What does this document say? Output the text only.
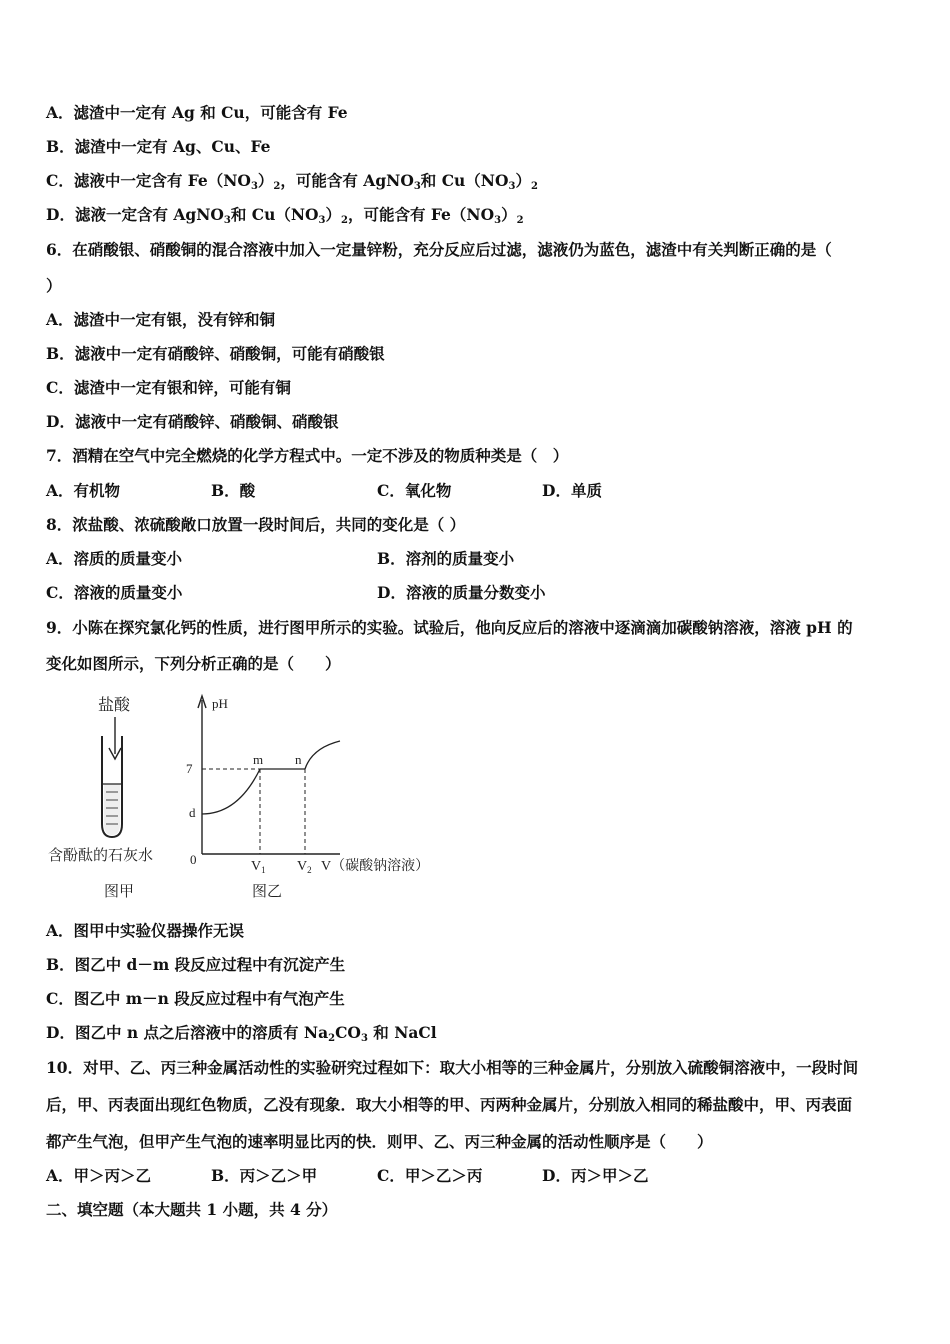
A．滤渣中一定有 Ag 和 Cu，可能含有 Fe
B．滤渣中一定有 Ag、Cu、Fe
C．滤液中一定含有 $Fe(NO_3)_2$，可能含有 AgNO$_3$和 $Cu(NO_3)_2$
D．滤液一定含有 AgNO$_3$和 $Cu(NO_3)_2$，可能含有 $Fe(NO_3)_2$
6．在硝酸银、硝酸铜的混合溶液中加入一定量锌粉，充分反应后过滤，滤液仍为蓝色，滤渣中有关判断正确的是（
）
A．滤渣中一定有银，没有锌和铜
B．滤液中一定有硝酸锌、硝酸铜，可能有硝酸银
C．滤渣中一定有银和锌，可能有铜
D．滤液中一定有硝酸锌、硝酸铜、硝酸银
7．酒精在空气中完全燃烧的化学方程式中。一定不涉及的物质种类是（　）
A．有机物	B．酸	C．氧化物	D．单质
8．浓盐酸、浓硫酸敞口放置一段时间后，共同的变化是（ ）
A．溶质的质量变小	B．溶剂的质量变小
C．溶液的质量变小	D．溶液的质量分数变小
9．小陈在探究氯化钙的性质，进行图甲所示的实验。试验后，他向反应后的溶液中逐滴滴加碳酸钠溶液，溶液 pH 的
变化如图所示，下列分析正确的是（　　）
盐酸
含酚酞的石灰水
图甲
pH
7
d
m n
0	$V_1$ $V_2$ V（碳酸钠溶液）
图乙
A．图甲中实验仪器操作无误
B．图乙中 d－m 段反应过程中有沉淀产生
C．图乙中 m－n 段反应过程中有气泡产生
D．图乙中 n 点之后溶液中的溶质有 $Na_2CO_3$ 和 NaCl
10．对甲、乙、丙三种金属活动性的实验研究过程如下：取大小相等的三种金属片，分别放入硫酸铜溶液中，一段时间
后，甲、丙表面出现红色物质，乙没有现象．取大小相等的甲、丙两种金属片，分别放入相同的稀盐酸中，甲、丙表面
都产生气泡，但甲产生气泡的速率明显比丙的快．则甲、乙、丙三种金属的活动性顺序是（　　）
A．甲＞丙＞乙	B．丙＞乙＞甲	C．甲＞乙＞丙	D．丙＞甲＞乙
二、填空题（本大题共 1 小题，共 4 分）
